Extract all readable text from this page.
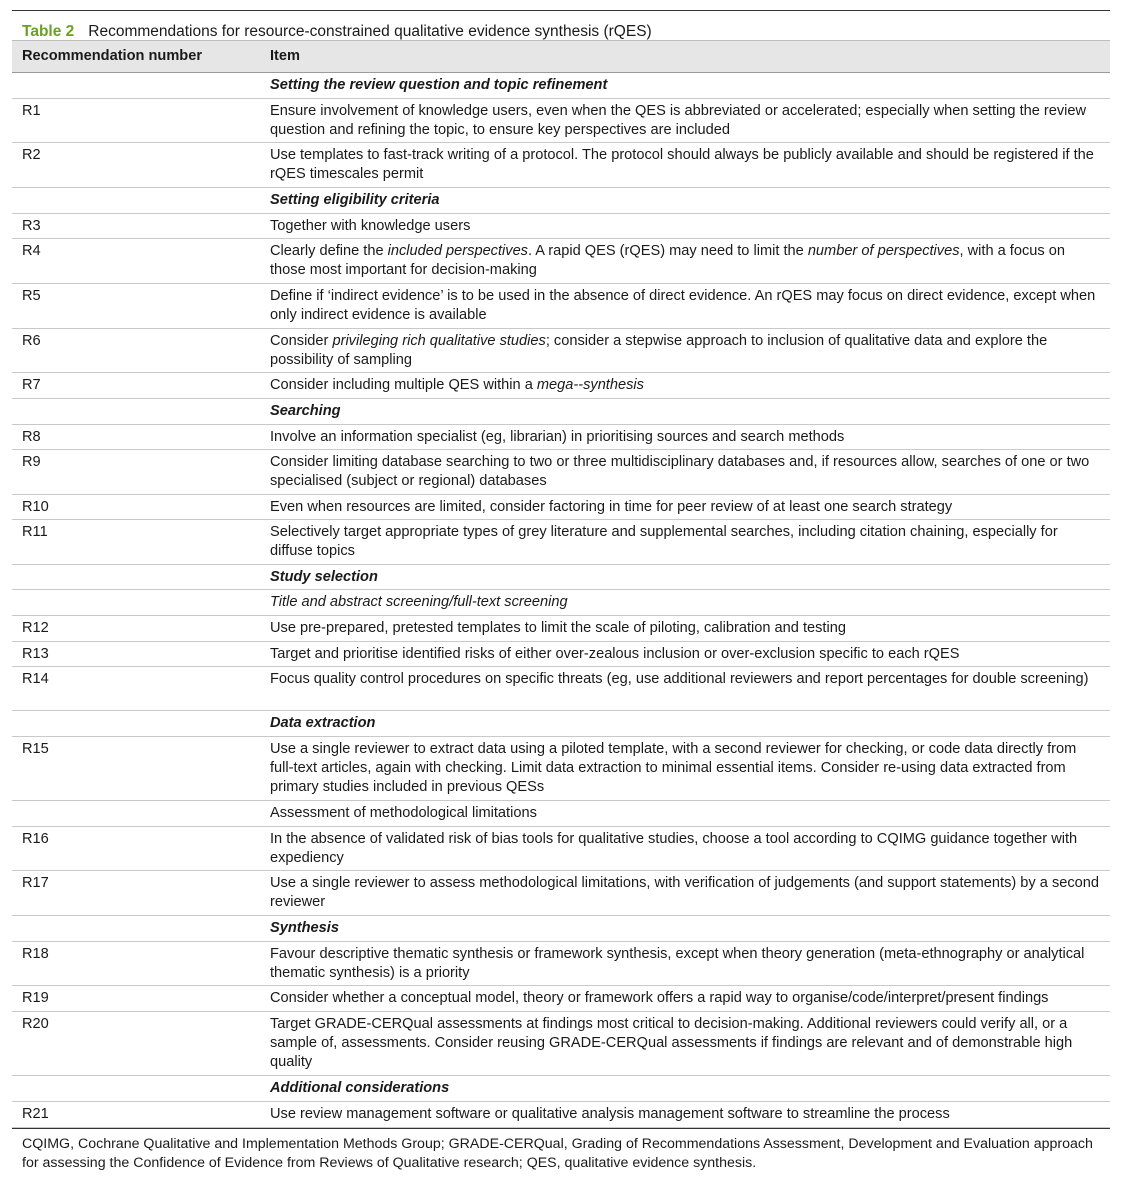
Table 2 Recommendations for resource-constrained qualitative evidence synthesis (rQES)
Recommendation number	Item
	Setting the review question and topic refinement
R1	Ensure involvement of knowledge users, even when the QES is abbreviated or accelerated; especially when setting the review question and refining the topic, to ensure key perspectives are included
R2	Use templates to fast-track writing of a protocol. The protocol should always be publicly available and should be registered if the rQES timescales permit
	Setting eligibility criteria
R3	Together with knowledge users
R4	Clearly define the included perspectives. A rapid QES (rQES) may need to limit the number of perspectives, with a focus on those most important for decision-making
R5	Define if ‘indirect evidence’ is to be used in the absence of direct evidence. An rQES may focus on direct evidence, except when only indirect evidence is available
R6	Consider privileging rich qualitative studies; consider a stepwise approach to inclusion of qualitative data and explore the possibility of sampling
R7	Consider including multiple QES within a mega--synthesis
	Searching
R8	Involve an information specialist (eg, librarian) in prioritising sources and search methods
R9	Consider limiting database searching to two or three multidisciplinary databases and, if resources allow, searches of one or two specialised (subject or regional) databases
R10	Even when resources are limited, consider factoring in time for peer review of at least one search strategy
R11	Selectively target appropriate types of grey literature and supplemental searches, including citation chaining, especially for diffuse topics
	Study selection
	Title and abstract screening/full-text screening
R12	Use pre-prepared, pretested templates to limit the scale of piloting, calibration and testing
R13	Target and prioritise identified risks of either over-zealous inclusion or over-exclusion specific to each rQES
R14	Focus quality control procedures on specific threats (eg, use additional reviewers and report percentages for double screening)
	Data extraction
R15	Use a single reviewer to extract data using a piloted template, with a second reviewer for checking, or code data directly from full-text articles, again with checking. Limit data extraction to minimal essential items. Consider re-using data extracted from primary studies included in previous QESs
	Assessment of methodological limitations
R16	In the absence of validated risk of bias tools for qualitative studies, choose a tool according to CQIMG guidance together with expediency
R17	Use a single reviewer to assess methodological limitations, with verification of judgements (and support statements) by a second reviewer
	Synthesis
R18	Favour descriptive thematic synthesis or framework synthesis, except when theory generation (meta-ethnography or analytical thematic synthesis) is a priority
R19	Consider whether a conceptual model, theory or framework offers a rapid way to organise/code/interpret/present findings
R20	Target GRADE-CERQual assessments at findings most critical to decision-making. Additional reviewers could verify all, or a sample of, assessments. Consider reusing GRADE-CERQual assessments if findings are relevant and of demonstrable high quality
	Additional considerations
R21	Use review management software or qualitative analysis management software to streamline the process
CQIMG, Cochrane Qualitative and Implementation Methods Group; GRADE-CERQual, Grading of Recommendations Assessment, Development and Evaluation approach for assessing the Confidence of Evidence from Reviews of Qualitative research; QES, qualitative evidence synthesis.
